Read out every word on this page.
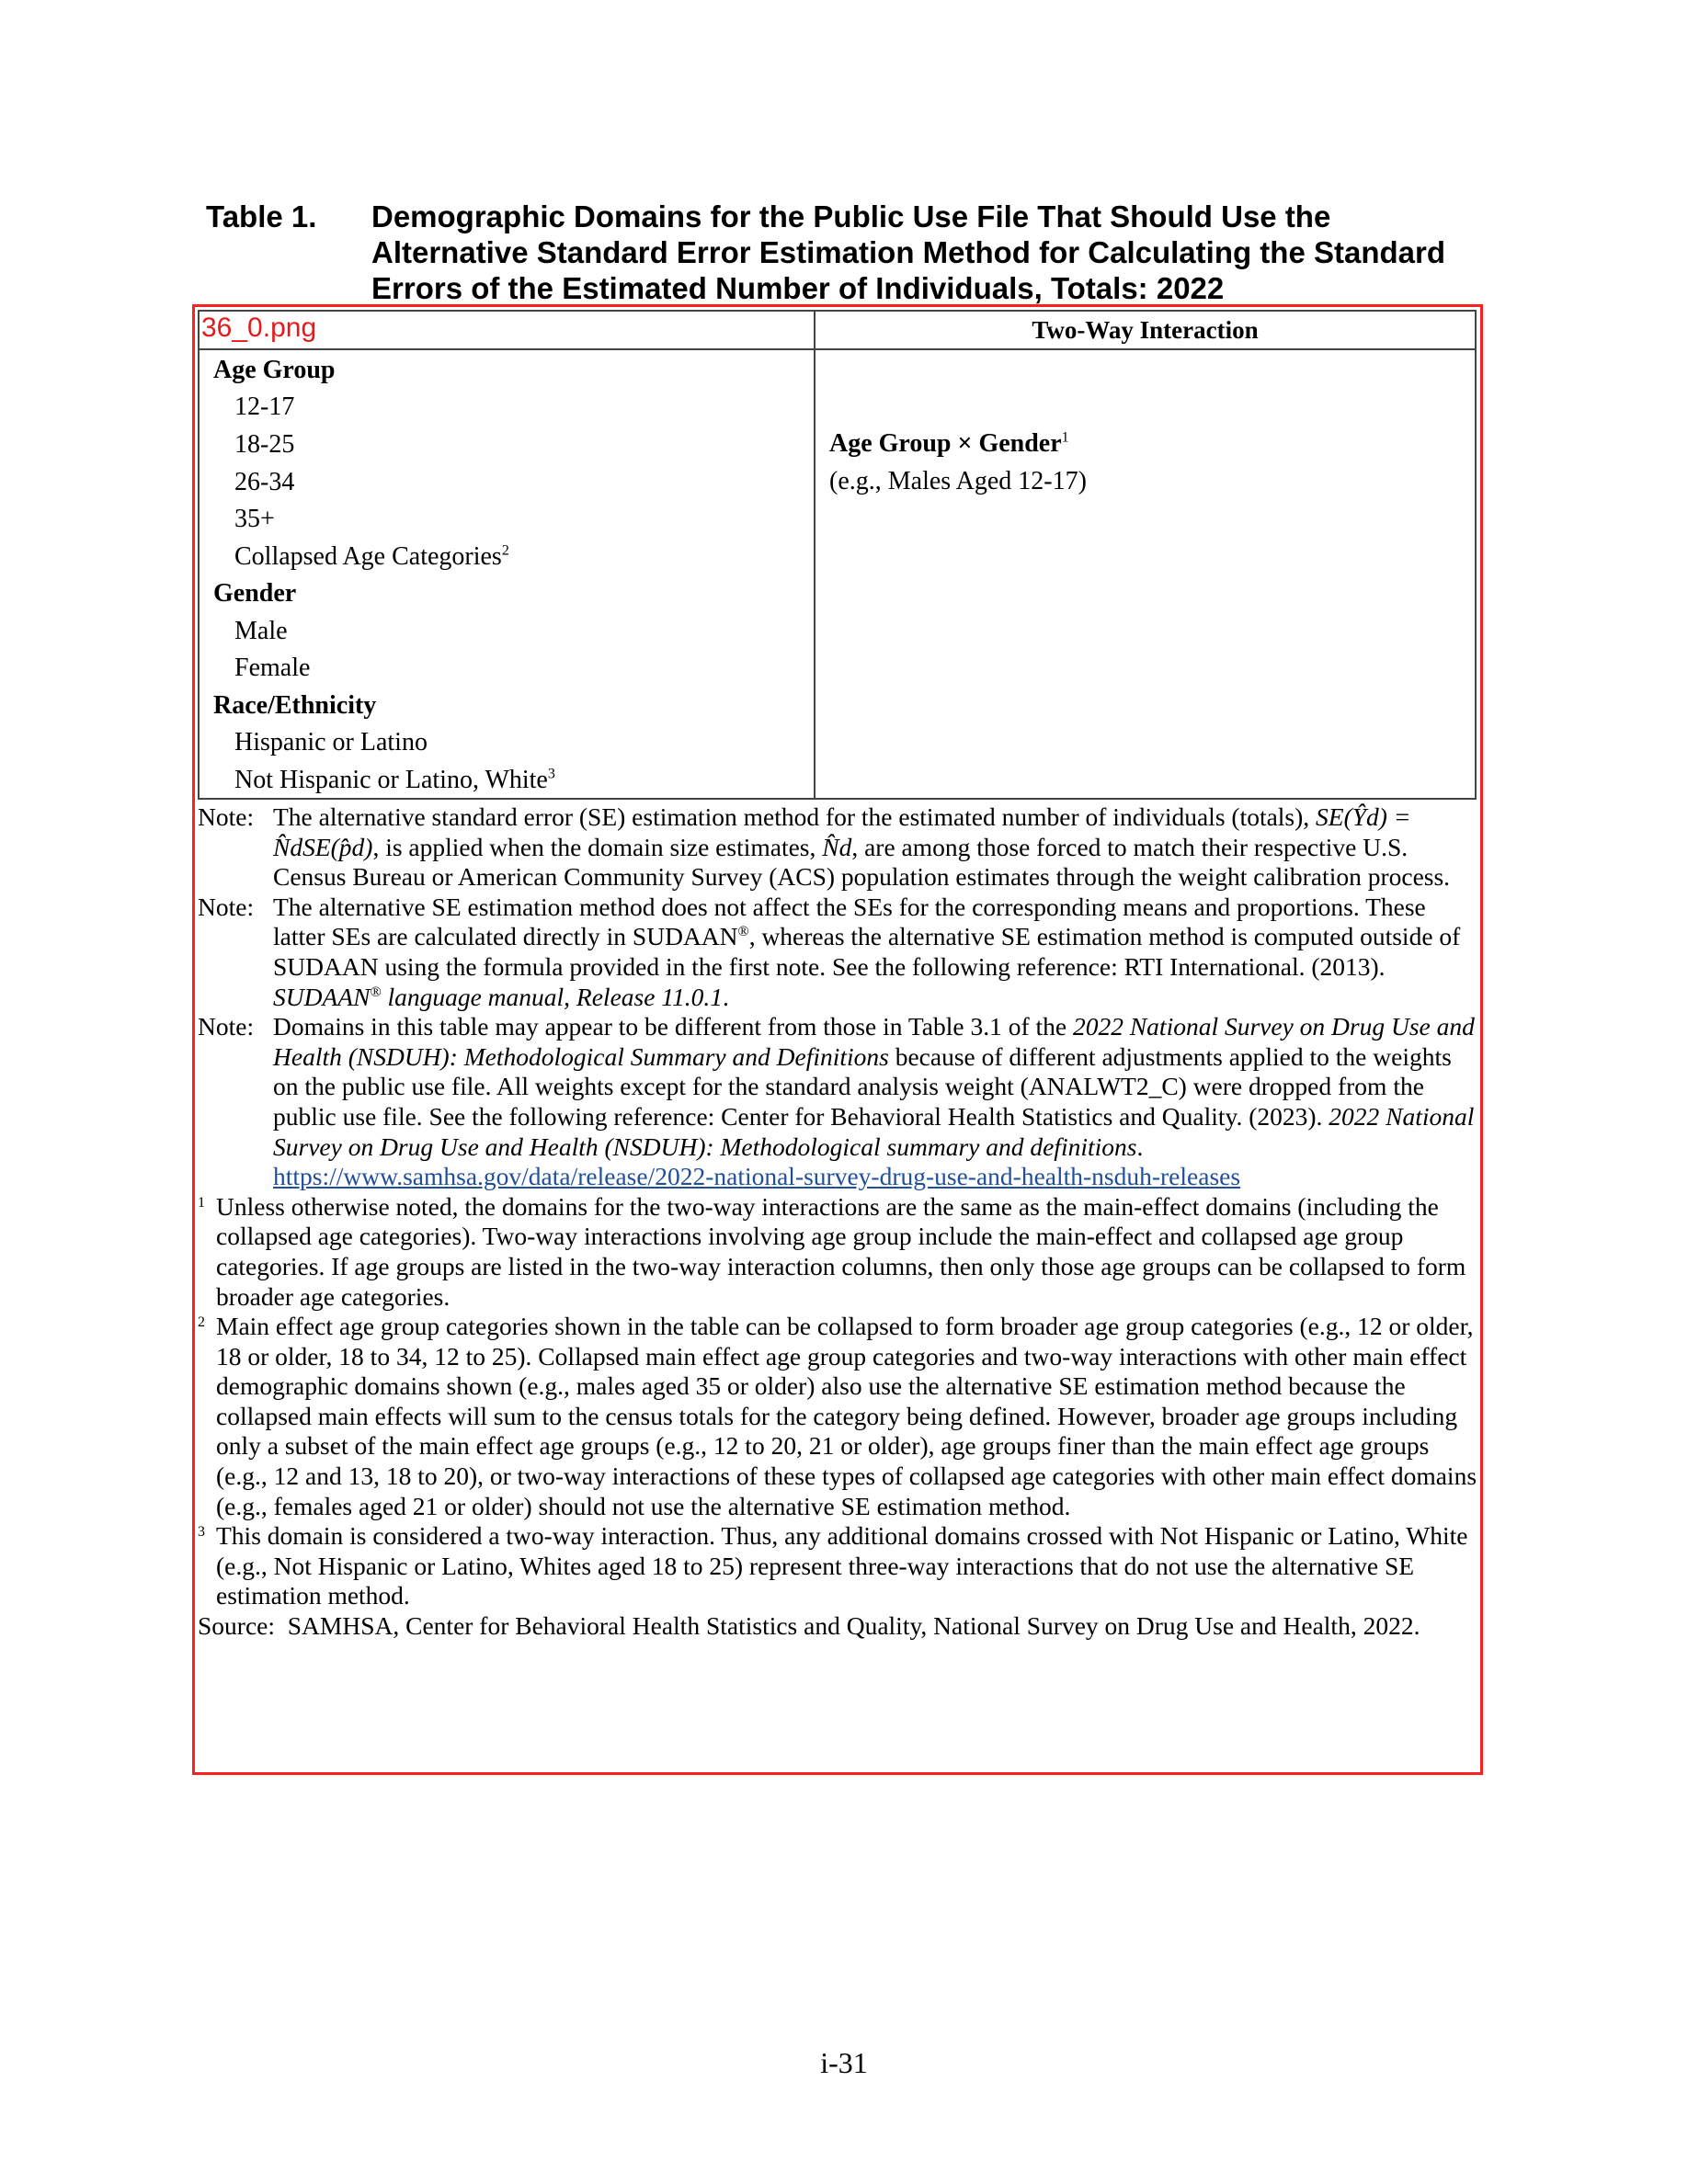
Table 1. Demographic Domains for the Public Use File That Should Use the Alternative Standard Error Estimation Method for Calculating the Standard Errors of the Estimated Number of Individuals, Totals: 2022
Two-Way Interaction
Age Group
12-17
18-25
26-34
35+
Collapsed Age Categories$^2$
Gender
Male
Female
Race/Ethnicity
Hispanic or Latino
Not Hispanic or Latino, White$^3$
Age Group × Gender$^1$
(e.g., Males Aged 12-17)
36_0.png
Note: The alternative standard error (SE) estimation method for the estimated number of individuals (totals), SE(Ŷd) = N̂dSE(p̂d), is applied when the domain size estimates, N̂d, are among those forced to match their respective U.S. Census Bureau or American Community Survey (ACS) population estimates through the weight calibration process.
Note: The alternative SE estimation method does not affect the SEs for the corresponding means and proportions. These latter SEs are calculated directly in SUDAAN®, whereas the alternative SE estimation method is computed outside of SUDAAN using the formula provided in the first note. See the following reference: RTI International. (2013). SUDAAN® language manual, Release 11.0.1.
Note: Domains in this table may appear to be different from those in Table 3.1 of the 2022 National Survey on Drug Use and Health (NSDUH): Methodological Summary and Definitions because of different adjustments applied to the weights on the public use file. All weights except for the standard analysis weight (ANALWT2_C) were dropped from the public use file. See the following reference: Center for Behavioral Health Statistics and Quality. (2023). 2022 National Survey on Drug Use and Health (NSDUH): Methodological summary and definitions. https://www.samhsa.gov/data/release/2022-national-survey-drug-use-and-health-nsduh-releases
1 Unless otherwise noted, the domains for the two-way interactions are the same as the main-effect domains (including the collapsed age categories). Two-way interactions involving age group include the main-effect and collapsed age group categories. If age groups are listed in the two-way interaction columns, then only those age groups can be collapsed to form broader age categories.
2 Main effect age group categories shown in the table can be collapsed to form broader age group categories (e.g., 12 or older, 18 or older, 18 to 34, 12 to 25). Collapsed main effect age group categories and two-way interactions with other main effect demographic domains shown (e.g., males aged 35 or older) also use the alternative SE estimation method because the collapsed main effects will sum to the census totals for the category being defined. However, broader age groups including only a subset of the main effect age groups (e.g., 12 to 20, 21 or older), age groups finer than the main effect age groups (e.g., 12 and 13, 18 to 20), or two-way interactions of these types of collapsed age categories with other main effect domains (e.g., females aged 21 or older) should not use the alternative SE estimation method.
3 This domain is considered a two-way interaction. Thus, any additional domains crossed with Not Hispanic or Latino, White (e.g., Not Hispanic or Latino, Whites aged 18 to 25) represent three-way interactions that do not use the alternative SE estimation method.
Source: SAMHSA, Center for Behavioral Health Statistics and Quality, National Survey on Drug Use and Health, 2022.
i-31
